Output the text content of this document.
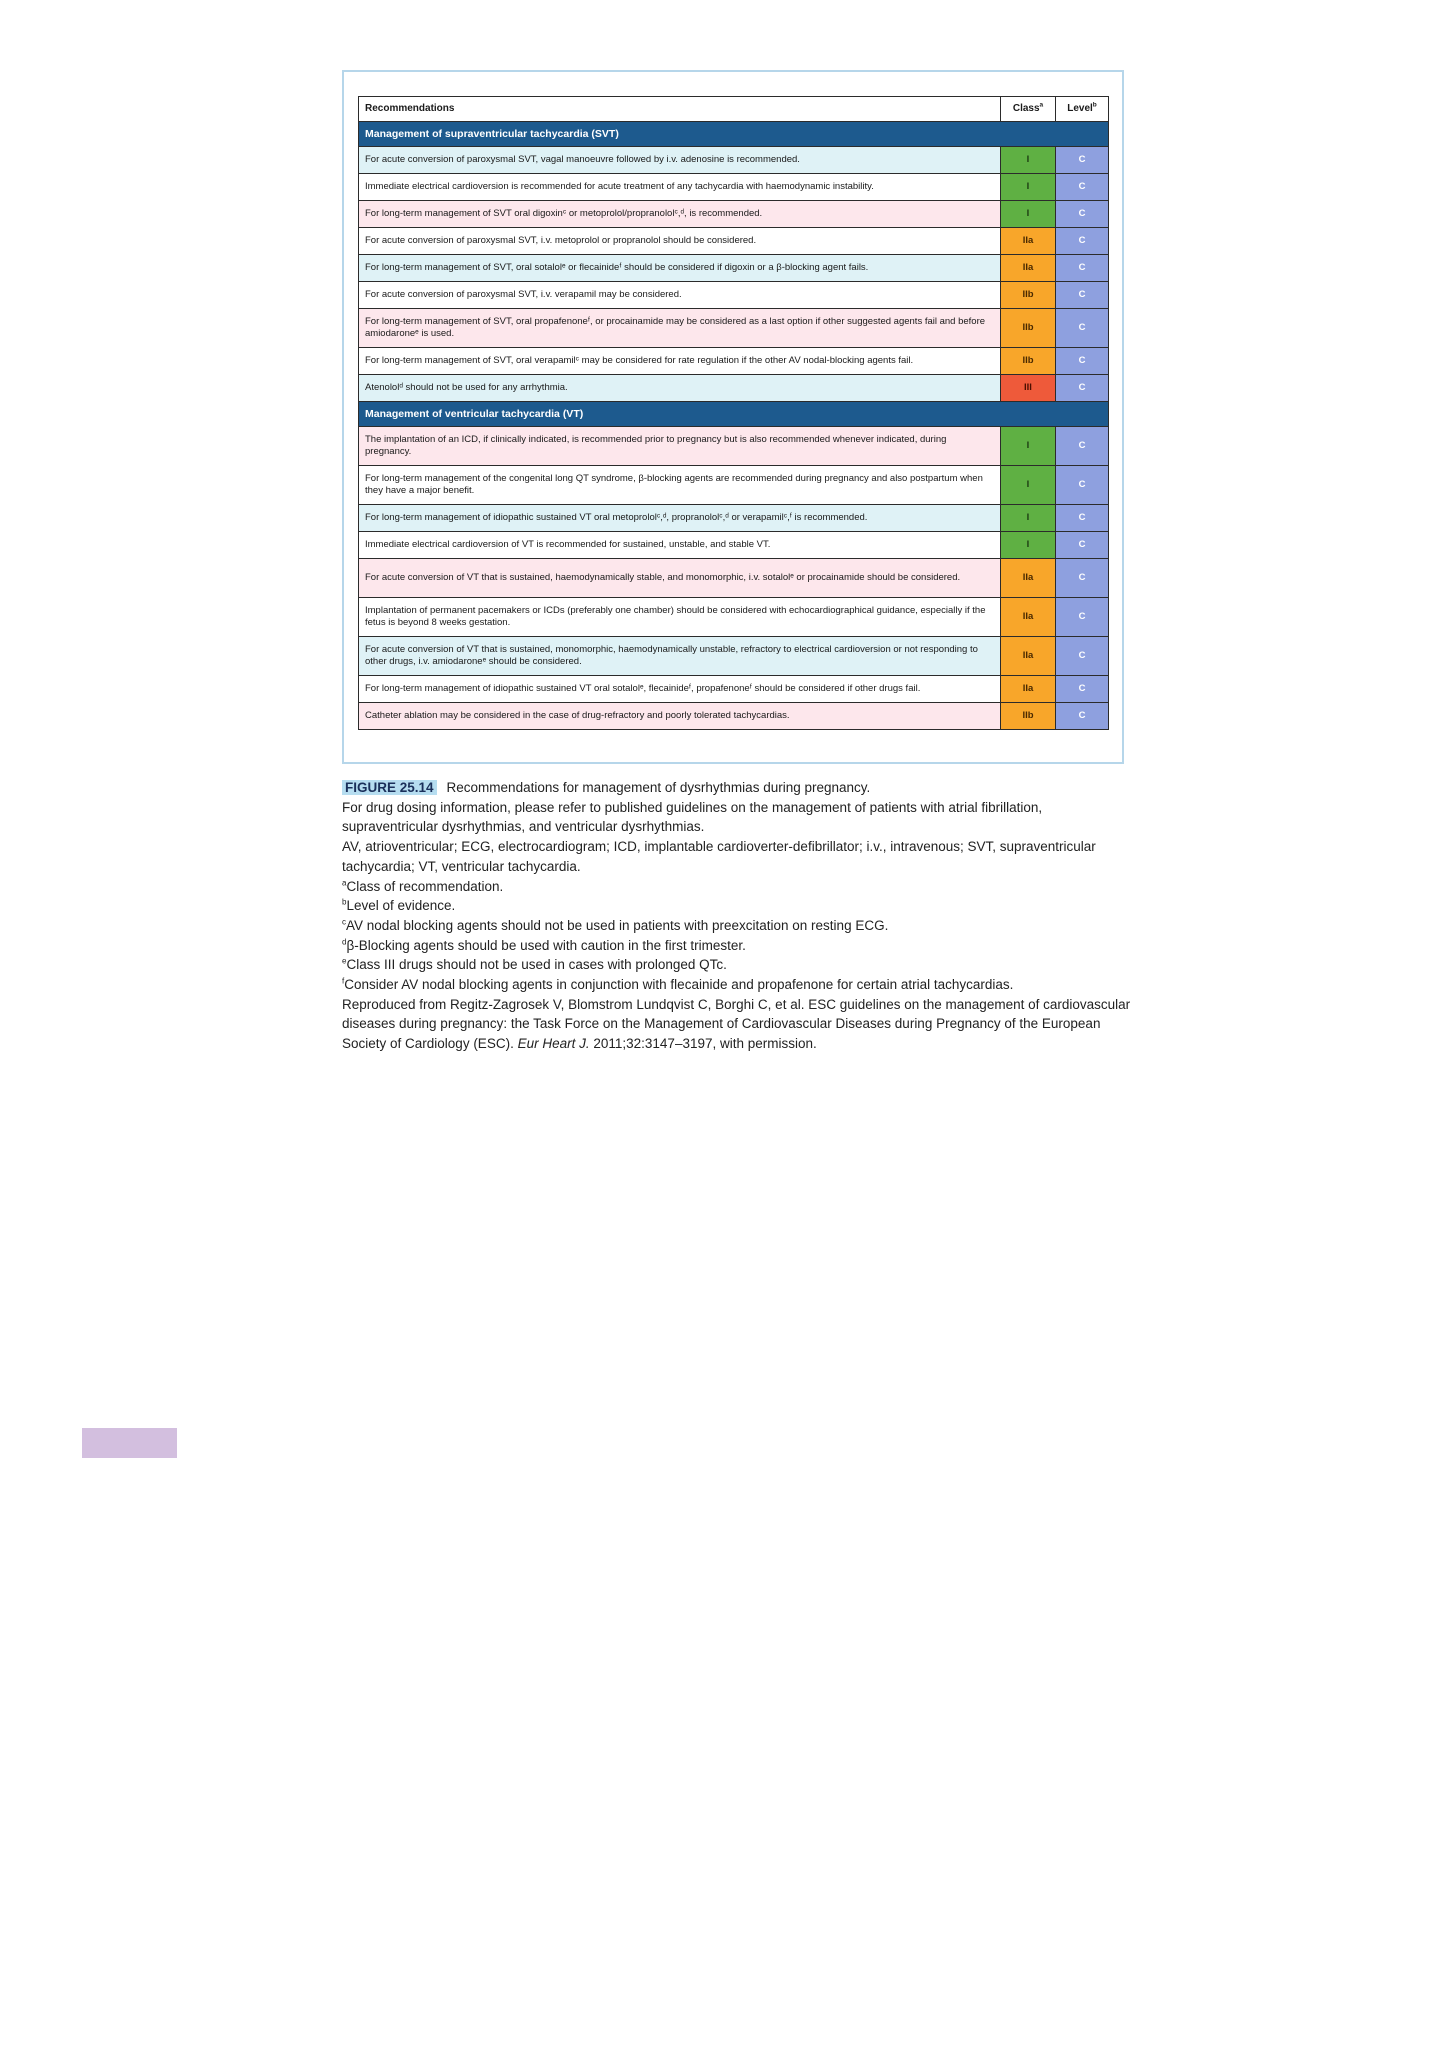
Recommendations	Class$^a$	Level$^b$
Management of supraventricular tachycardia (SVT)		
For acute conversion of paroxysmal SVT, vagal manoeuvre followed by i.v. adenosine is recommended.	I	C
Immediate electrical cardioversion is recommended for acute treatment of any tachycardia with haemodynamic instability.	I	C
For long-term management of SVT oral digoxinᶜ or metoprolol/propranololᶜ,ᵈ, is recommended.	I	C
For acute conversion of paroxysmal SVT, i.v. metoprolol or propranolol should be considered.	IIa	C
For long-term management of SVT, oral sotalolᵉ or flecainideᶠ should be considered if digoxin or a β-blocking agent fails.	IIa	C
For acute conversion of paroxysmal SVT, i.v. verapamil may be considered.	IIb	C
For long-term management of SVT, oral propafenoneᶠ, or procainamide may be considered as a last option if other suggested agents fail and before amiodaroneᵉ is used.	IIb	C
For long-term management of SVT, oral verapamilᶜ may be considered for rate regulation if the other AV nodal-blocking agents fail.	IIb	C
Atenololᵈ should not be used for any arrhythmia.	III	C
Management of ventricular tachycardia (VT)		
The implantation of an ICD, if clinically indicated, is recommended prior to pregnancy but is also recommended whenever indicated, during pregnancy.	I	C
For long-term management of the congenital long QT syndrome, β-blocking agents are recommended during pregnancy and also postpartum when they have a major benefit.	I	C
For long-term management of idiopathic sustained VT oral metoprololᶜ,ᵈ, propranololᶜ,ᵈ or verapamilᶜ,ᶠ is recommended.	I	C
Immediate electrical cardioversion of VT is recommended for sustained, unstable, and stable VT.	I	C
For acute conversion of VT that is sustained, haemodynamically stable, and monomorphic, i.v. sotalolᵉ or procainamide should be considered.	IIa	C
Implantation of permanent pacemakers or ICDs (preferably one chamber) should be considered with echocardiographical guidance, especially if the fetus is beyond 8 weeks gestation.	IIa	C
For acute conversion of VT that is sustained, monomorphic, haemodynamically unstable, refractory to electrical cardioversion or not responding to other drugs, i.v. amiodaroneᵉ should be considered.	IIa	C
For long-term management of idiopathic sustained VT oral sotalolᵉ, flecainideᶠ, propafenoneᶠ should be considered if other drugs fail.	IIa	C
Catheter ablation may be considered in the case of drug-refractory and poorly tolerated tachycardias.	IIb	C

FIGURE 25.14 Recommendations for management of dysrhythmias during pregnancy.

For drug dosing information, please refer to published guidelines on the management of patients with atrial fibrillation, supraventricular dysrhythmias, and ventricular dysrhythmias.

AV, atrioventricular; ECG, electrocardiogram; ICD, implantable cardioverter-defibrillator; i.v., intravenous; SVT, supraventricular tachycardia; VT, ventricular tachycardia.

$^a$Class of recommendation.

$^b$Level of evidence.

$^c$AV nodal blocking agents should not be used in patients with preexcitation on resting ECG.

$^d$β-Blocking agents should be used with caution in the first trimester.

$^e$Class III drugs should not be used in cases with prolonged QTc.

$^f$Consider AV nodal blocking agents in conjunction with flecainide and propafenone for certain atrial tachycardias.

Reproduced from Regitz-Zagrosek V, Blomstrom Lundqvist C, Borghi C, et al. ESC guidelines on the management of cardiovascular diseases during pregnancy: the Task Force on the Management of Cardiovascular Diseases during Pregnancy of the European Society of Cardiology (ESC). Eur Heart J. 2011;32:3147–3197, with permission.
